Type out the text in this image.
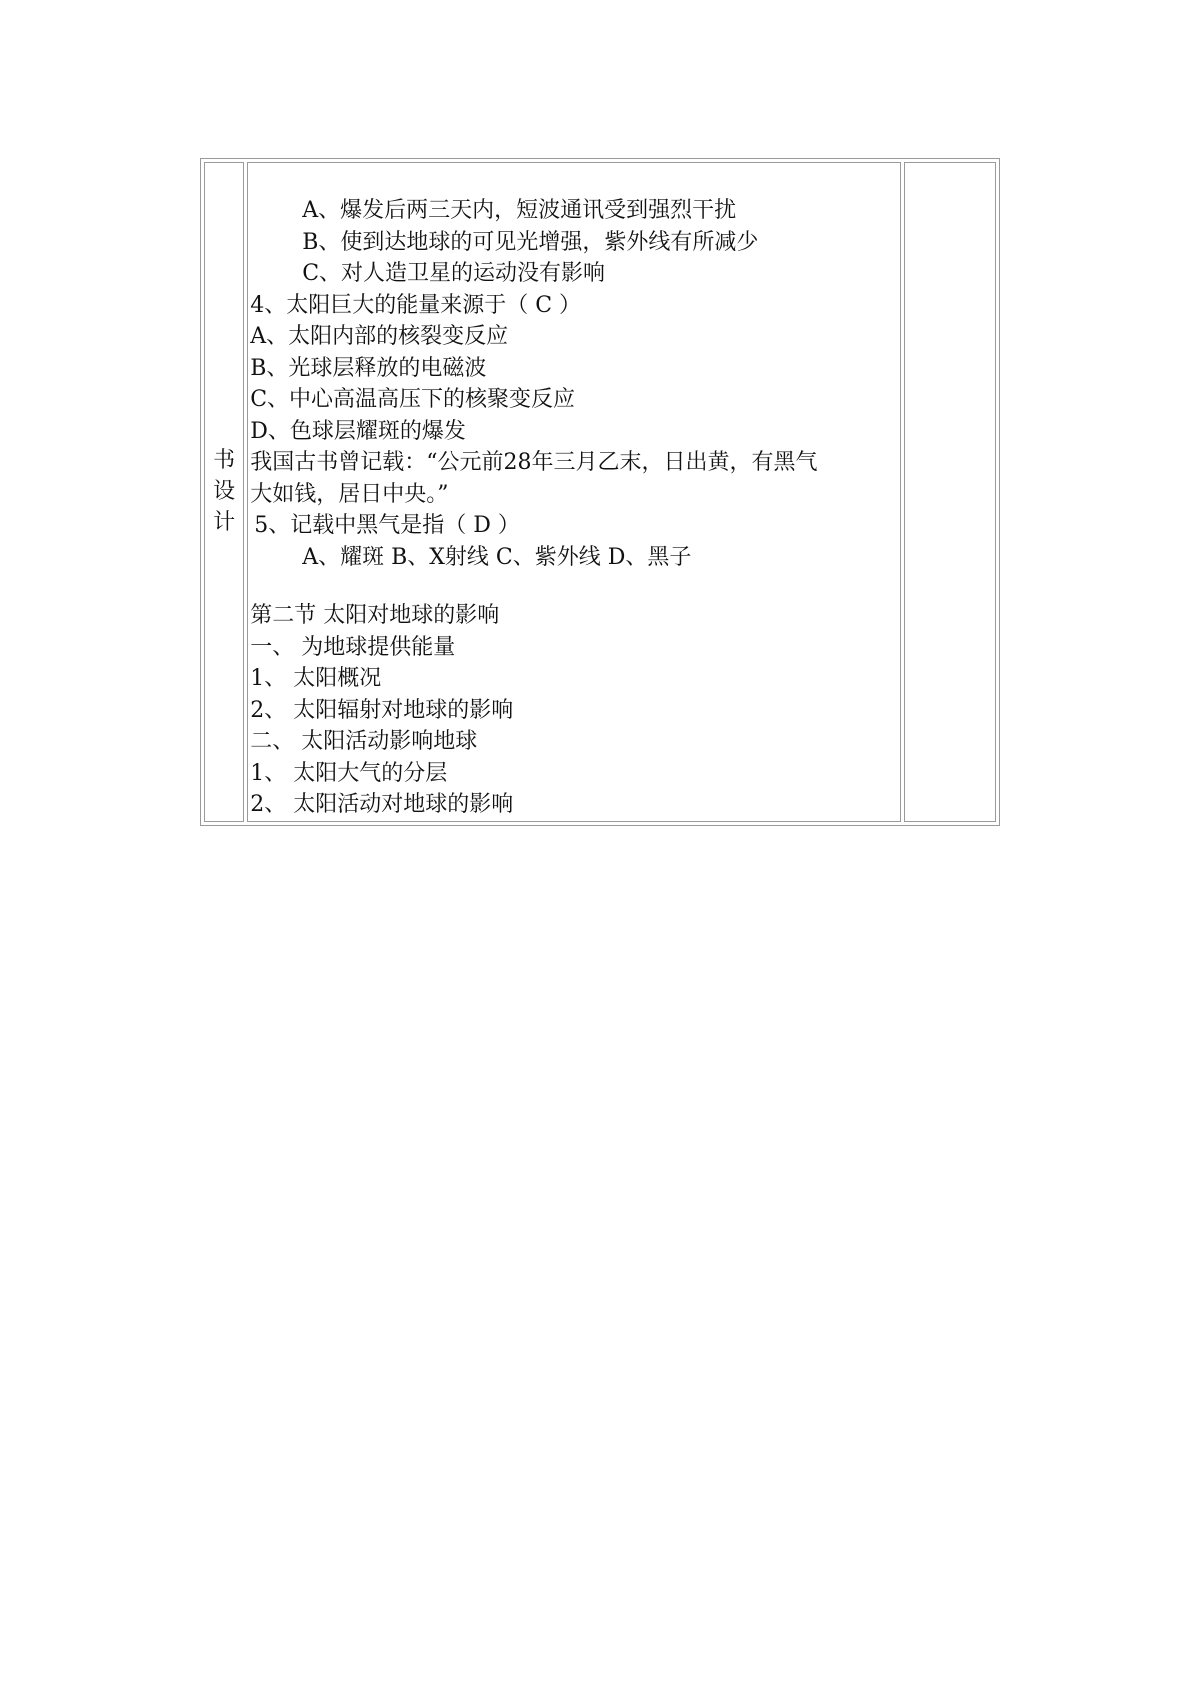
书
设
计

A、爆发后两三天内，短波通讯受到强烈干扰
B、使到达地球的可见光增强，紫外线有所减少
C、对人造卫星的运动没有影响
4、太阳巨大的能量来源于（ C ）
A、太阳内部的核裂变反应
B、光球层释放的电磁波
C、中心高温高压下的核聚变反应
D、色球层耀斑的爆发
我国古书曾记载：“公元前28年三月乙末，日出黄，有黑气
大如钱，居日中央。”
5、记载中黑气是指（ D ）
A、耀斑 B、X射线 C、紫外线 D、黑子
第二节 太阳对地球的影响
一、 为地球提供能量
1、 太阳概况
2、 太阳辐射对地球的影响
二、 太阳活动影响地球
1、 太阳大气的分层
2、 太阳活动对地球的影响
